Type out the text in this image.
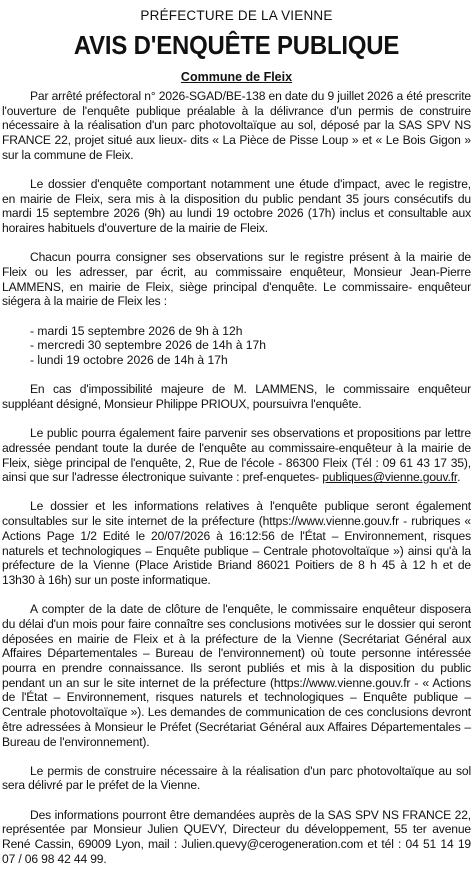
PRÉFECTURE DE LA VIENNE
AVIS D'ENQUÊTE PUBLIQUE
Commune de Fleix

Par arrêté préfectoral n° 2026-SGAD/BE-138 en date du 9 juillet 2026 a été prescrite l'ouverture de l'enquête publique préalable à la délivrance d'un permis de construire nécessaire à la réalisation d'un parc photovoltaïque au sol, déposé par la SAS SPV NS FRANCE 22, projet situé aux lieux- dits « La Pièce de Pisse Loup » et « Le Bois Gigon » sur la commune de Fleix.

Le dossier d'enquête comportant notamment une étude d'impact, avec le registre, en mairie de Fleix, sera mis à la disposition du public pendant 35 jours consécutifs du mardi 15 septembre 2026 (9h) au lundi 19 octobre 2026 (17h) inclus et consultable aux horaires habituels d'ouverture de la mairie de Fleix.

Chacun pourra consigner ses observations sur le registre présent à la mairie de Fleix ou les adresser, par écrit, au commissaire enquêteur, Monsieur Jean-Pierre LAMMENS, en mairie de Fleix, siège principal d'enquête. Le commissaire- enquêteur siégera à la mairie de Fleix les :

- mardi 15 septembre 2026 de 9h à 12h
- mercredi 30 septembre 2026 de 14h à 17h
- lundi 19 octobre 2026 de 14h à 17h

En cas d'impossibilité majeure de M. LAMMENS, le commissaire enquêteur suppléant désigné, Monsieur Philippe PRIOUX, poursuivra l'enquête.

Le public pourra également faire parvenir ses observations et propositions par lettre adressée pendant toute la durée de l'enquête au commissaire-enquêteur à la mairie de Fleix, siège principal de l'enquête, 2, Rue de l'école - 86300 Fleix (Tél : 09 61 43 17 35), ainsi que sur l'adresse électronique suivante : pref-enquetes- publiques@vienne.gouv.fr.

Le dossier et les informations relatives à l'enquête publique seront également consultables sur le site internet de la préfecture (https://www.vienne.gouv.fr - rubriques « Actions Page 1/2 Edité le 20/07/2026 à 16:12:56 de l'État – Environnement, risques naturels et technologiques – Enquête publique – Centrale photovoltaïque ») ainsi qu'à la préfecture de la Vienne (Place Aristide Briand 86021 Poitiers de 8 h 45 à 12 h et de 13h30 à 16h) sur un poste informatique.

A compter de la date de clôture de l'enquête, le commissaire enquêteur disposera du délai d'un mois pour faire connaître ses conclusions motivées sur le dossier qui seront déposées en mairie de Fleix et à la préfecture de la Vienne (Secrétariat Général aux Affaires Départementales – Bureau de l'environnement) où toute personne intéressée pourra en prendre connaissance. Ils seront publiés et mis à la disposition du public pendant un an sur le site internet de la préfecture (https://www.vienne.gouv.fr - « Actions de l'État – Environnement, risques naturels et technologiques – Enquête publique – Centrale photovoltaïque »). Les demandes de communication de ces conclusions devront être adressées à Monsieur le Préfet (Secrétariat Général aux Affaires Départementales – Bureau de l'environnement).

Le permis de construire nécessaire à la réalisation d'un parc photovoltaïque au sol sera délivré par le préfet de la Vienne.

Des informations pourront être demandées auprès de la SAS SPV NS FRANCE 22, représentée par Monsieur Julien QUEVY, Directeur du développement, 55 ter avenue René Cassin, 69009 Lyon, mail : Julien.quevy@cerogeneration.com et tél : 04 51 14 19 07 / 06 98 42 44 99.
